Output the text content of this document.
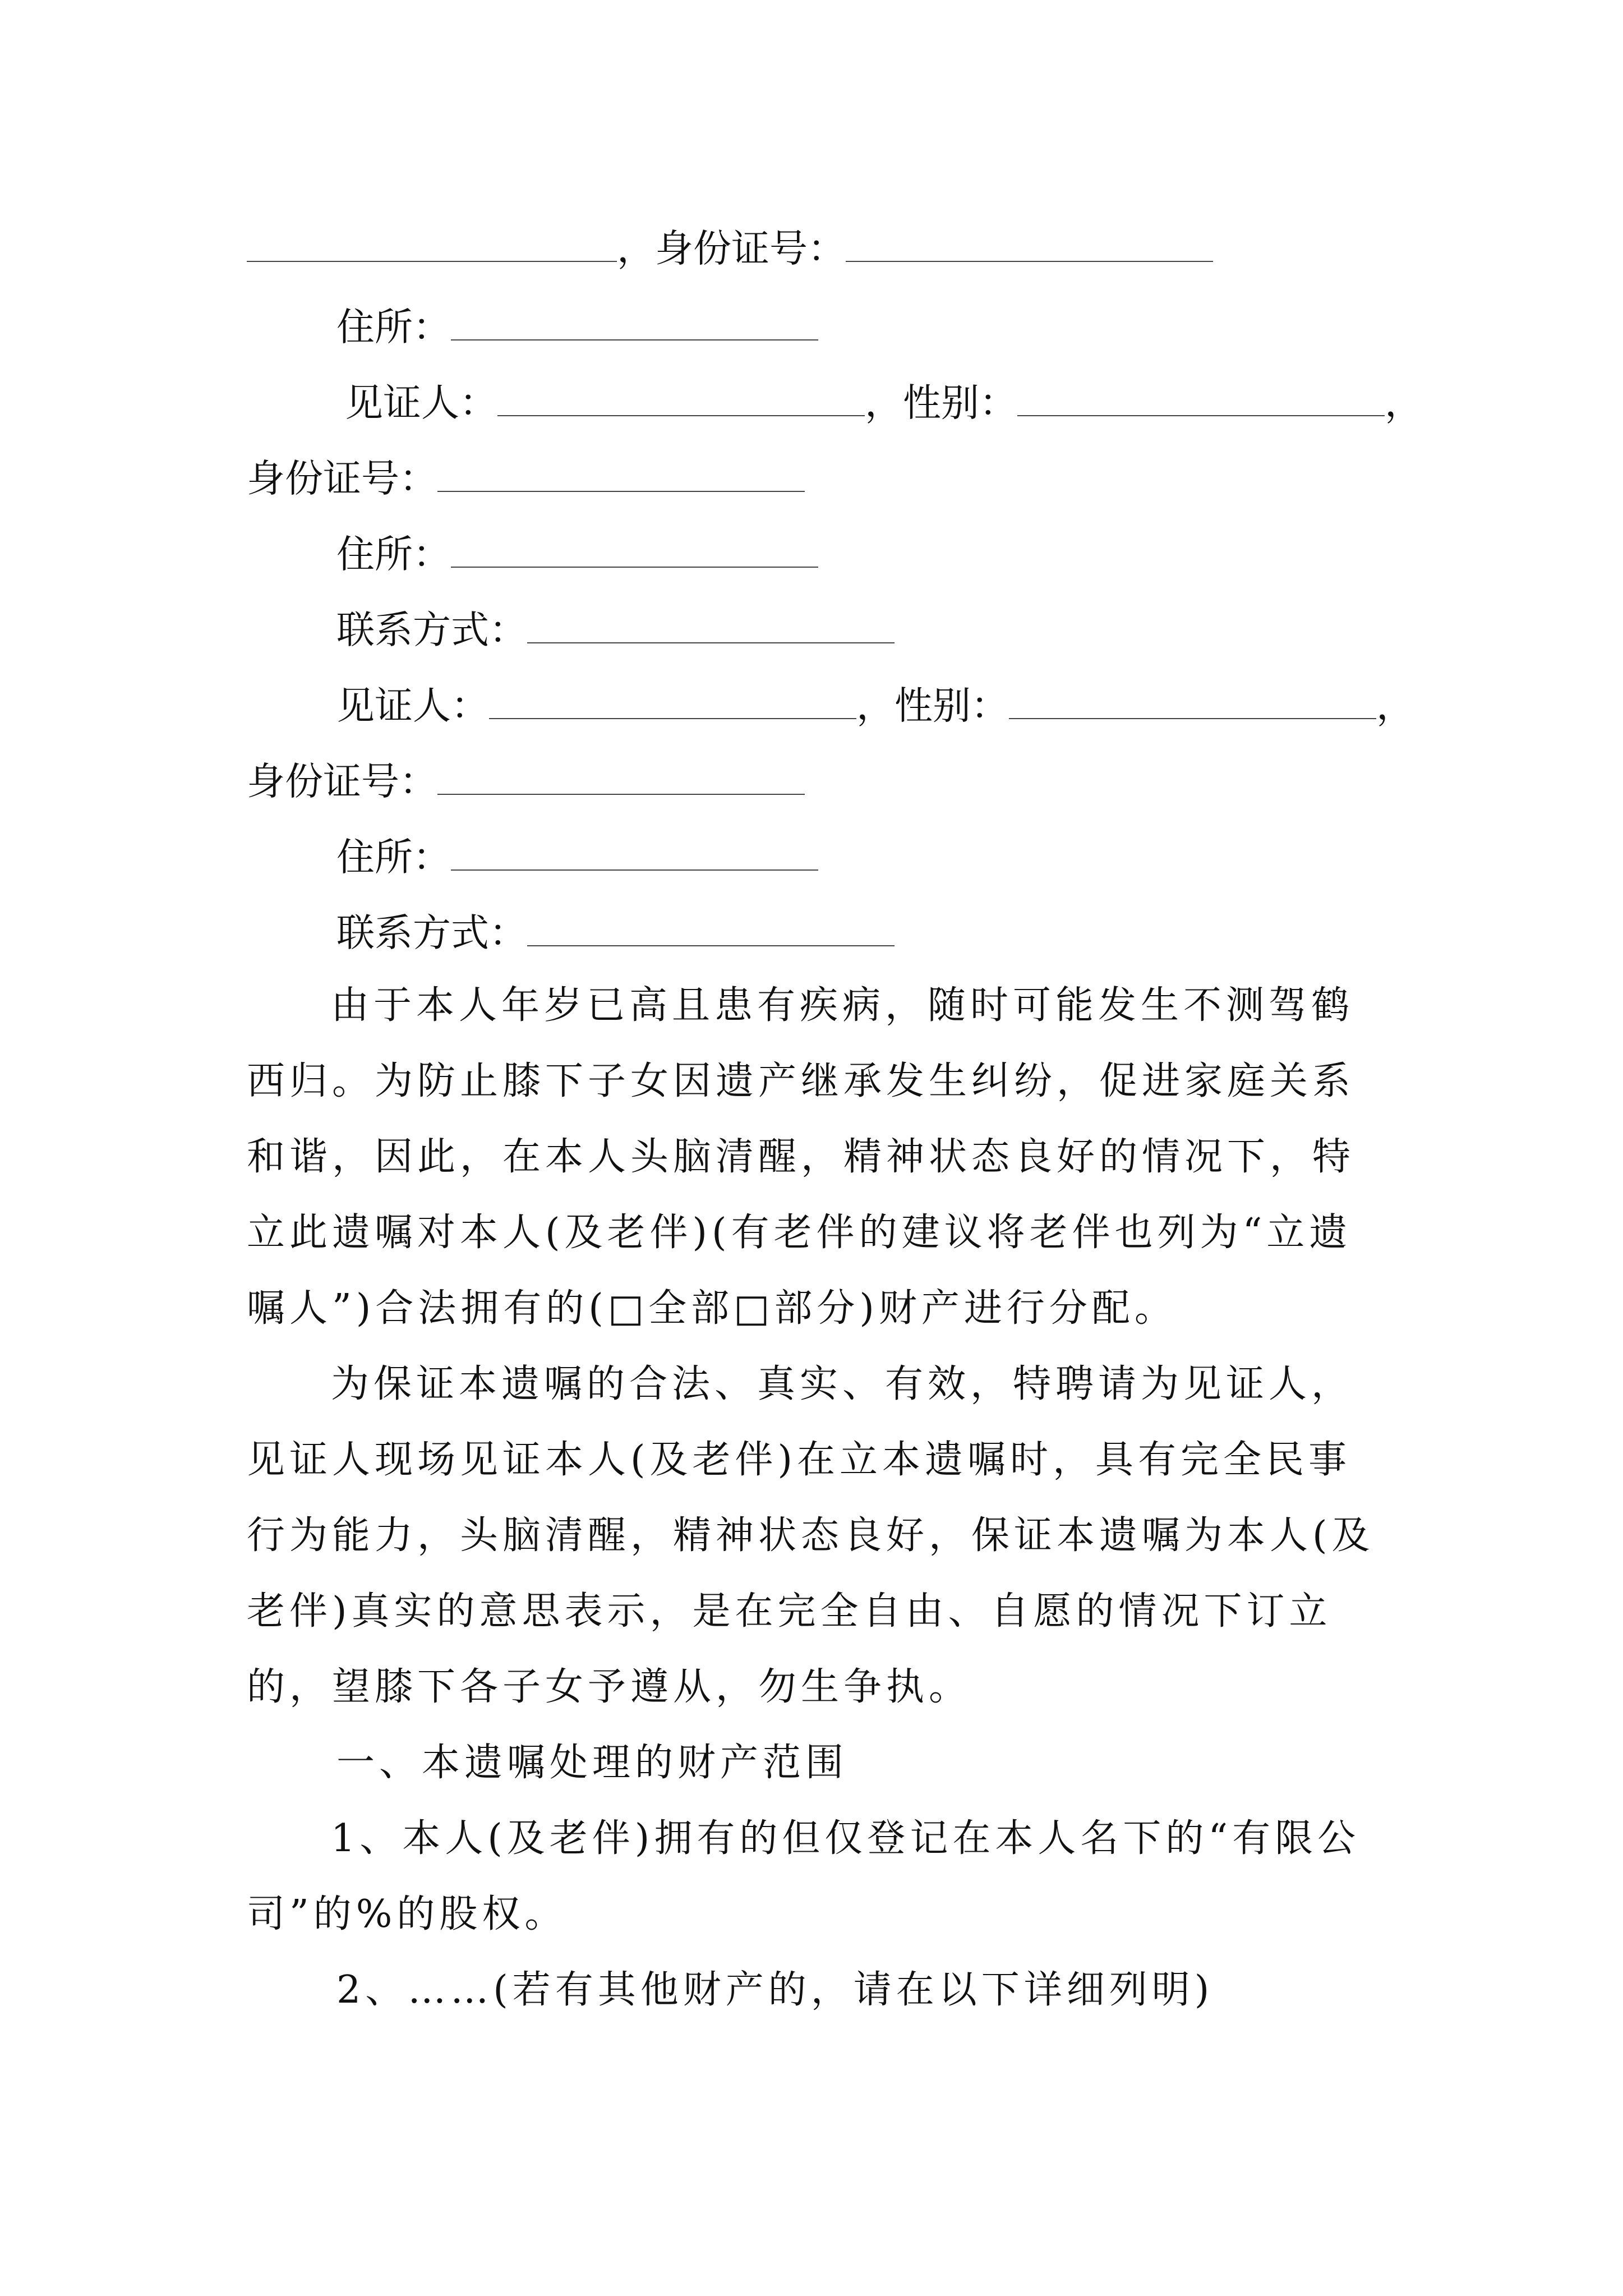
，身份证号：
住所：
见证人：	，性别：	，
身份证号：
住所：
联系方式：
见证人：	，性别：	，
身份证号：
住所：
联系方式：

由于本人年岁已高且患有疾病，随时可能发生不测驾鹤西归。为防止膝下子女因遗产继承发生纠纷，促进家庭关系和谐，因此，在本人头脑清醒，精神状态良好的情况下，特立此遗嘱对本人(及老伴)(有老伴的建议将老伴也列为“立遗嘱人”)合法拥有的(□全部□部分)财产进行分配。

为保证本遗嘱的合法、真实、有效，特聘请为见证人，见证人现场见证本人(及老伴)在立本遗嘱时，具有完全民事行为能力，头脑清醒，精神状态良好，保证本遗嘱为本人(及老伴)真实的意思表示，是在完全自由、自愿的情况下订立的，望膝下各子女予遵从，勿生争执。

一、本遗嘱处理的财产范围

1、本人(及老伴)拥有的但仅登记在本人名下的“有限公司”的%的股权。

2、……(若有其他财产的，请在以下详细列明)
